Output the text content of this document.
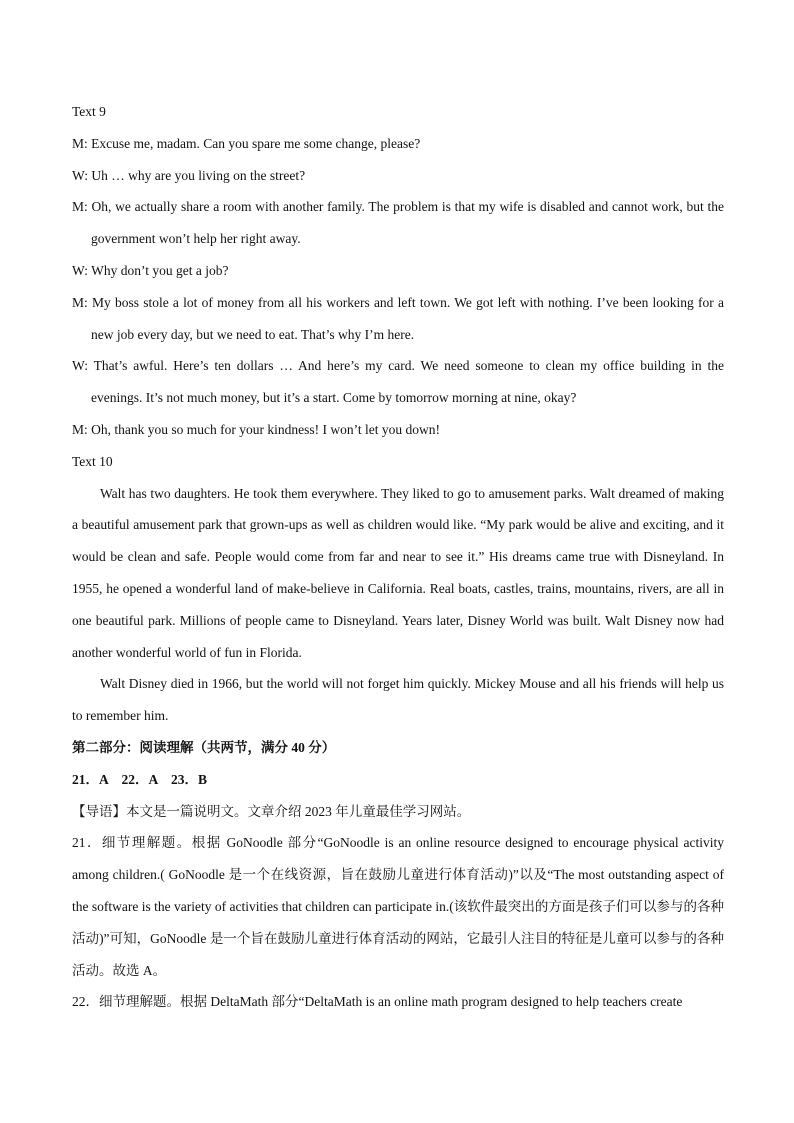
Text 9

M: Excuse me, madam. Can you spare me some change, please?

W: Uh … why are you living on the street?

M: Oh, we actually share a room with another family. The problem is that my wife is disabled and cannot work, but the government won’t help her right away.

W: Why don’t you get a job?

M: My boss stole a lot of money from all his workers and left town. We got left with nothing. I’ve been looking for a new job every day, but we need to eat. That’s why I’m here.

W: That’s awful. Here’s ten dollars … And here’s my card. We need someone to clean my office building in the evenings. It’s not much money, but it’s a start. Come by tomorrow morning at nine, okay?

M: Oh, thank you so much for your kindness! I won’t let you down!

Text 10

Walt has two daughters. He took them everywhere. They liked to go to amusement parks. Walt dreamed of making a beautiful amusement park that grown-ups as well as children would like. “My park would be alive and exciting, and it would be clean and safe. People would come from far and near to see it.” His dreams came true with Disneyland. In 1955, he opened a wonderful land of make-believe in California. Real boats, castles, trains, mountains, rivers, are all in one beautiful park. Millions of people came to Disneyland. Years later, Disney World was built. Walt Disney now had another wonderful world of fun in Florida.

Walt Disney died in 1966, but the world will not forget him quickly. Mickey Mouse and all his friends will help us to remember him.

第二部分：阅读理解（共两节，满分 40 分）

21．A　22．A　23．B

【导语】本文是一篇说明文。文章介绍 2023 年儿童最佳学习网站。

21．细节理解题。根据 GoNoodle 部分“GoNoodle is an online resource designed to encourage physical activity among children.( GoNoodle 是一个在线资源，旨在鼓励儿童进行体育活动)”以及“The most outstanding aspect of the software is the variety of activities that children can participate in.(该软件最突出的方面是孩子们可以参与的各种活动)”可知，GoNoodle 是一个旨在鼓励儿童进行体育活动的网站，它最引人注目的特征是儿童可以参与的各种活动。故选 A。

22．细节理解题。根据 DeltaMath 部分“DeltaMath is an online math program designed to help teachers create
